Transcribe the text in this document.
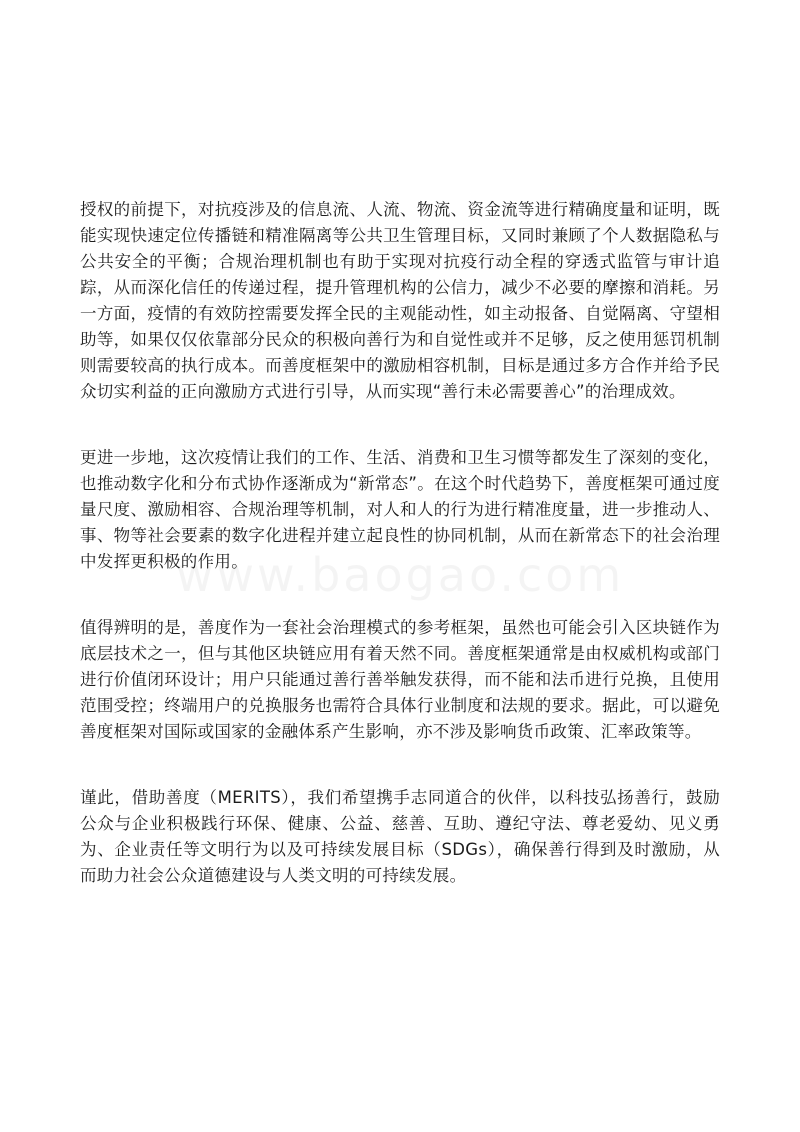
授权的前提下，对抗疫涉及的信息流、人流、物流、资金流等进行精确度量和证明，既能实现快速定位传播链和精准隔离等公共卫生管理目标，又同时兼顾了个人数据隐私与公共安全的平衡；合规治理机制也有助于实现对抗疫行动全程的穿透式监管与审计追踪，从而深化信任的传递过程，提升管理机构的公信力，减少不必要的摩擦和消耗。另一方面，疫情的有效防控需要发挥全民的主观能动性，如主动报备、自觉隔离、守望相助等，如果仅仅依靠部分民众的积极向善行为和自觉性或并不足够，反之使用惩罚机制则需要较高的执行成本。而善度框架中的激励相容机制，目标是通过多方合作并给予民众切实利益的正向激励方式进行引导，从而实现“善行未必需要善心”的治理成效。

更进一步地，这次疫情让我们的工作、生活、消费和卫生习惯等都发生了深刻的变化，也推动数字化和分布式协作逐渐成为“新常态”。在这个时代趋势下，善度框架可通过度量尺度、激励相容、合规治理等机制，对人和人的行为进行精准度量，进一步推动人、事、物等社会要素的数字化进程并建立起良性的协同机制，从而在新常态下的社会治理中发挥更积极的作用。

值得辨明的是，善度作为一套社会治理模式的参考框架，虽然也可能会引入区块链作为底层技术之一，但与其他区块链应用有着天然不同。善度框架通常是由权威机构或部门进行价值闭环设计；用户只能通过善行善举触发获得，而不能和法币进行兑换，且使用范围受控；终端用户的兑换服务也需符合具体行业制度和法规的要求。据此，可以避免善度框架对国际或国家的金融体系产生影响，亦不涉及影响货币政策、汇率政策等。

谨此，借助善度（MERITS），我们希望携手志同道合的伙伴，以科技弘扬善行，鼓励公众与企业积极践行环保、健康、公益、慈善、互助、遵纪守法、尊老爱幼、见义勇为、企业责任等文明行为以及可持续发展目标（SDGs），确保善行得到及时激励，从而助力社会公众道德建设与人类文明的可持续发展。
